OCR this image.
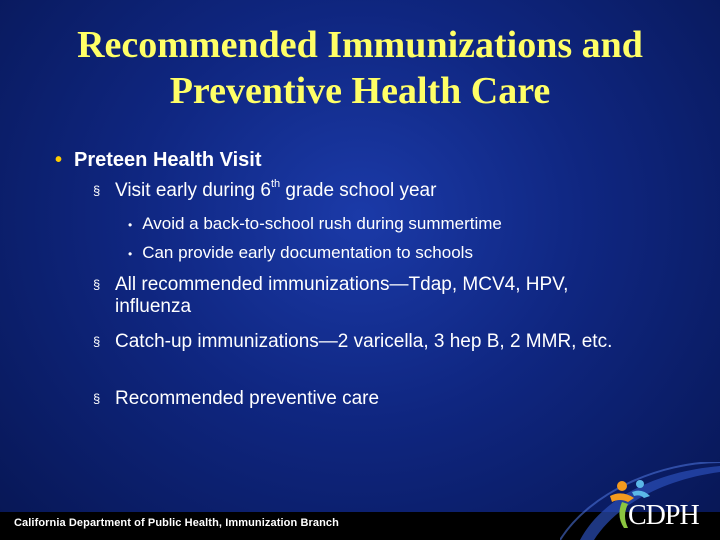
Recommended Immunizations and
Preventive Health Care
• Preteen Health Visit
§ Visit early during 6th grade school year
• Avoid a back-to-school rush during summertime
• Can provide early documentation to schools
§ All recommended immunizations—Tdap, MCV4, HPV, influenza
§ Catch-up immunizations—2 varicella, 3 hep B, 2 MMR, etc.
§ Recommended preventive care
California Department of Public Health, Immunization Branch	CDPH
